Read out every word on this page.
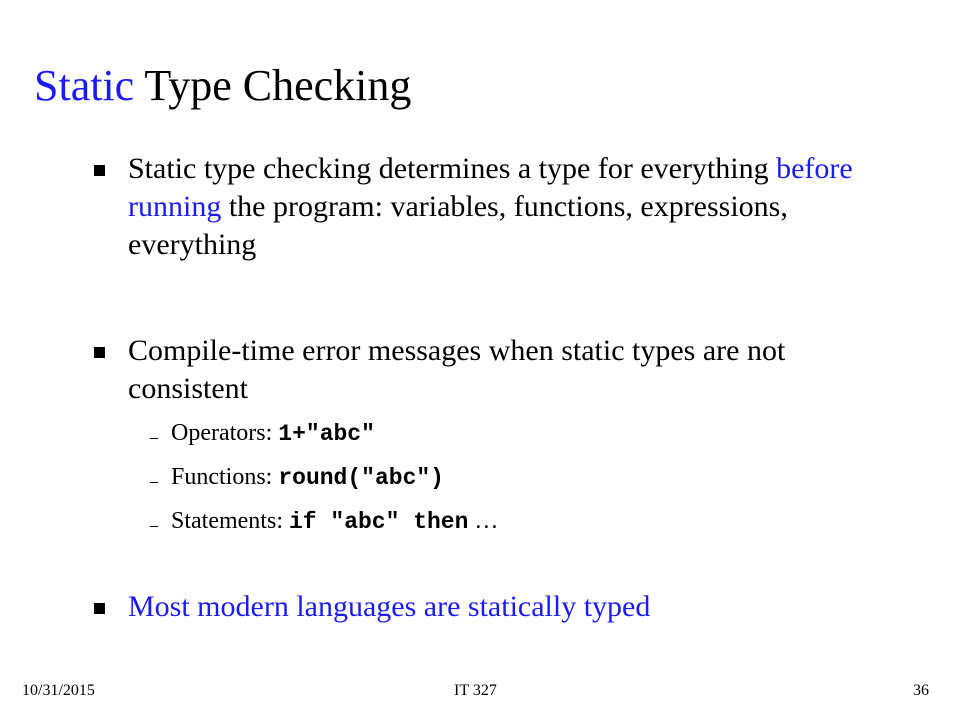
Static Type Checking
Static type checking determines a type for everything before running the program: variables, functions, expressions, everything
Compile-time error messages when static types are not consistent
Operators: 1+"abc"
Functions: round("abc")
Statements: if "abc" then …
Most modern languages are statically typed
10/31/2015	IT 327	36
